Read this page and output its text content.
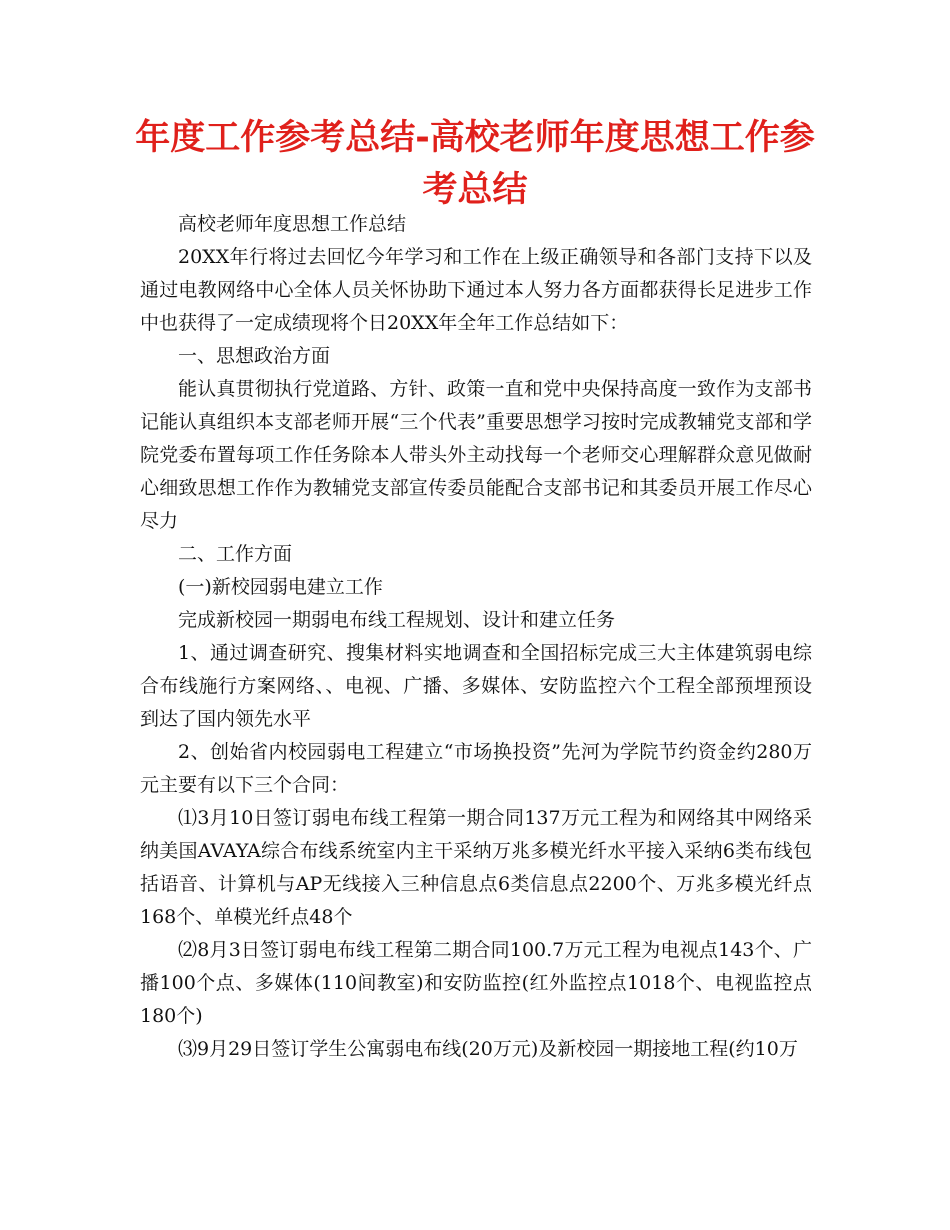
年度工作参考总结-高校老师年度思想工作参考总结

高校老师年度思想工作总结

20XX年行将过去回忆今年学习和工作在上级正确领导和各部门支持下以及通过电教网络中心全体人员关怀协助下通过本人努力各方面都获得长足进步工作中也获得了一定成绩现将个日20XX年全年工作总结如下：

一、思想政治方面

能认真贯彻执行党道路、方针、政策一直和党中央保持高度一致作为支部书记能认真组织本支部老师开展“三个代表”重要思想学习按时完成教辅党支部和学院党委布置每项工作任务除本人带头外主动找每一个老师交心理解群众意见做耐心细致思想工作作为教辅党支部宣传委员能配合支部书记和其委员开展工作尽心尽力

二、工作方面

(一)新校园弱电建立工作

完成新校园一期弱电布线工程规划、设计和建立任务

1、通过调查研究、搜集材料实地调查和全国招标完成三大主体建筑弱电综合布线施行方案网络、、电视、广播、多媒体、安防监控六个工程全部预埋预设到达了国内领先水平

2、创始省内校园弱电工程建立“市场换投资”先河为学院节约资金约280万元主要有以下三个合同：

⑴3月10日签订弱电布线工程第一期合同137万元工程为和网络其中网络采纳美国AVAYA综合布线系统室内主干采纳万兆多模光纤水平接入采纳6类布线包括语音、计算机与AP无线接入三种信息点6类信息点2200个、万兆多模光纤点168个、单模光纤点48个

⑵8月3日签订弱电布线工程第二期合同100.7万元工程为电视点143个、广播100个点、多媒体(110间教室)和安防监控(红外监控点1018个、电视监控点180个)

⑶9月29日签订学生公寓弱电布线(20万元)及新校园一期接地工程(约10万
